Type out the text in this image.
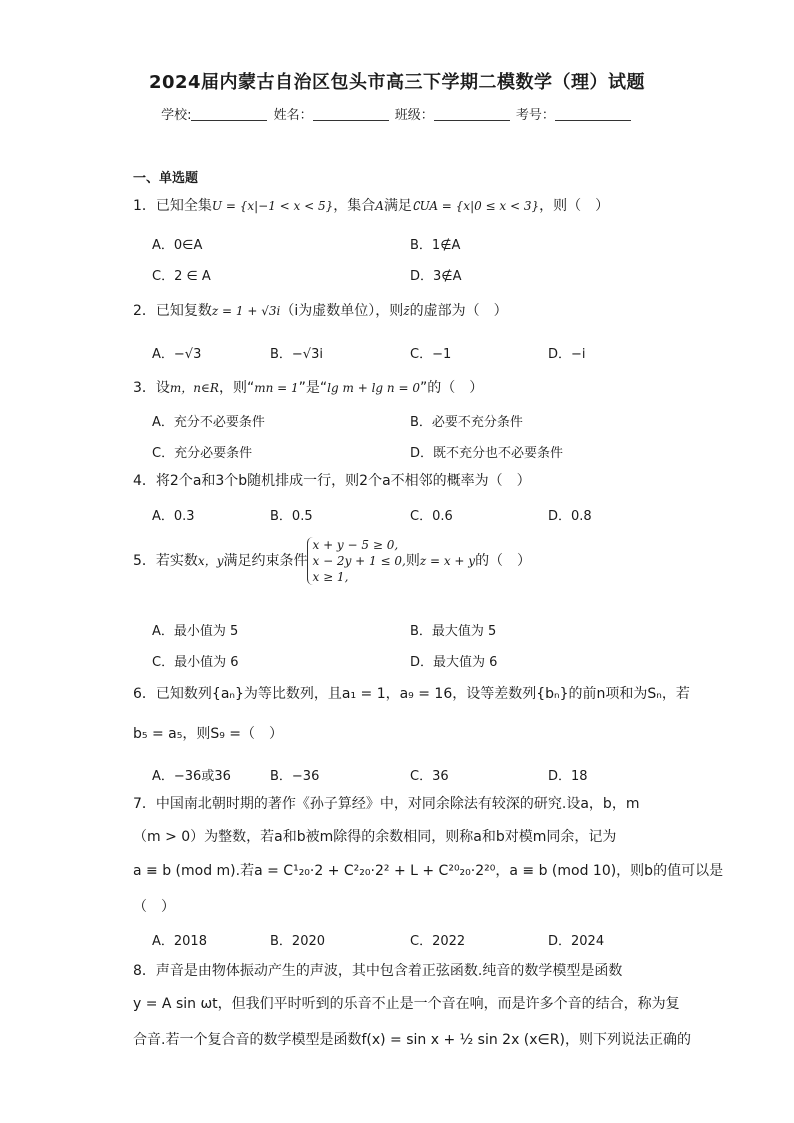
2024届内蒙古自治区包头市高三下学期二模数学（理）试题
学校:	姓名：	班级：	考号：
一、单选题
1．已知全集U = {x|−1 < x < 5}，集合A满足∁UA = {x|0 ≤ x < 3}，则（　）
A．0∈A	B．1∉A
C．2 ∈ A	D．3∉A
2．已知复数z = 1 + √3i（i为虚数单位），则z̄的虚部为（　）
A．−√3	B．−√3i	C．−1	D．−i
3．设m，n∈R，则“mn = 1”是“lg m + lg n = 0”的（　）
A．充分不必要条件	B．必要不充分条件
C．充分必要条件	D．既不充分也不必要条件
4．将2个a和3个b随机排成一行，则2个a不相邻的概率为（　）
A．0.3	B．0.5	C．0.6	D．0.8
5．若实数x，y满足约束条件x + y − 5 ≥ 0,
x − 2y + 1 ≤ 0,
x ≥ 1,则z = x + y的（　）
A．最小值为 5	B．最大值为 5
C．最小值为 6	D．最大值为 6
6．已知数列{aₙ}为等比数列，且a₁ = 1，a₉ = 16，设等差数列{bₙ}的前n项和为Sₙ，若
b₅ = a₅，则S₉ =（　）
A．−36或36	B．−36	C．36	D．18
7．中国南北朝时期的著作《孙子算经》中，对同余除法有较深的研究.设a，b，m
（m > 0）为整数，若a和b被m除得的余数相同，则称a和b对模m同余，记为
a ≡ b (mod m).若a = C¹₂₀·2 + C²₂₀·2² + L + C²⁰₂₀·2²⁰，a ≡ b (mod 10)，则b的值可以是
（　）
A．2018	B．2020	C．2022	D．2024
8．声音是由物体振动产生的声波，其中包含着正弦函数.纯音的数学模型是函数
y = A sin ωt，但我们平时听到的乐音不止是一个音在响，而是许多个音的结合，称为复
合音.若一个复合音的数学模型是函数f(x) = sin x + ½ sin 2x (x∈R)，则下列说法正确的
